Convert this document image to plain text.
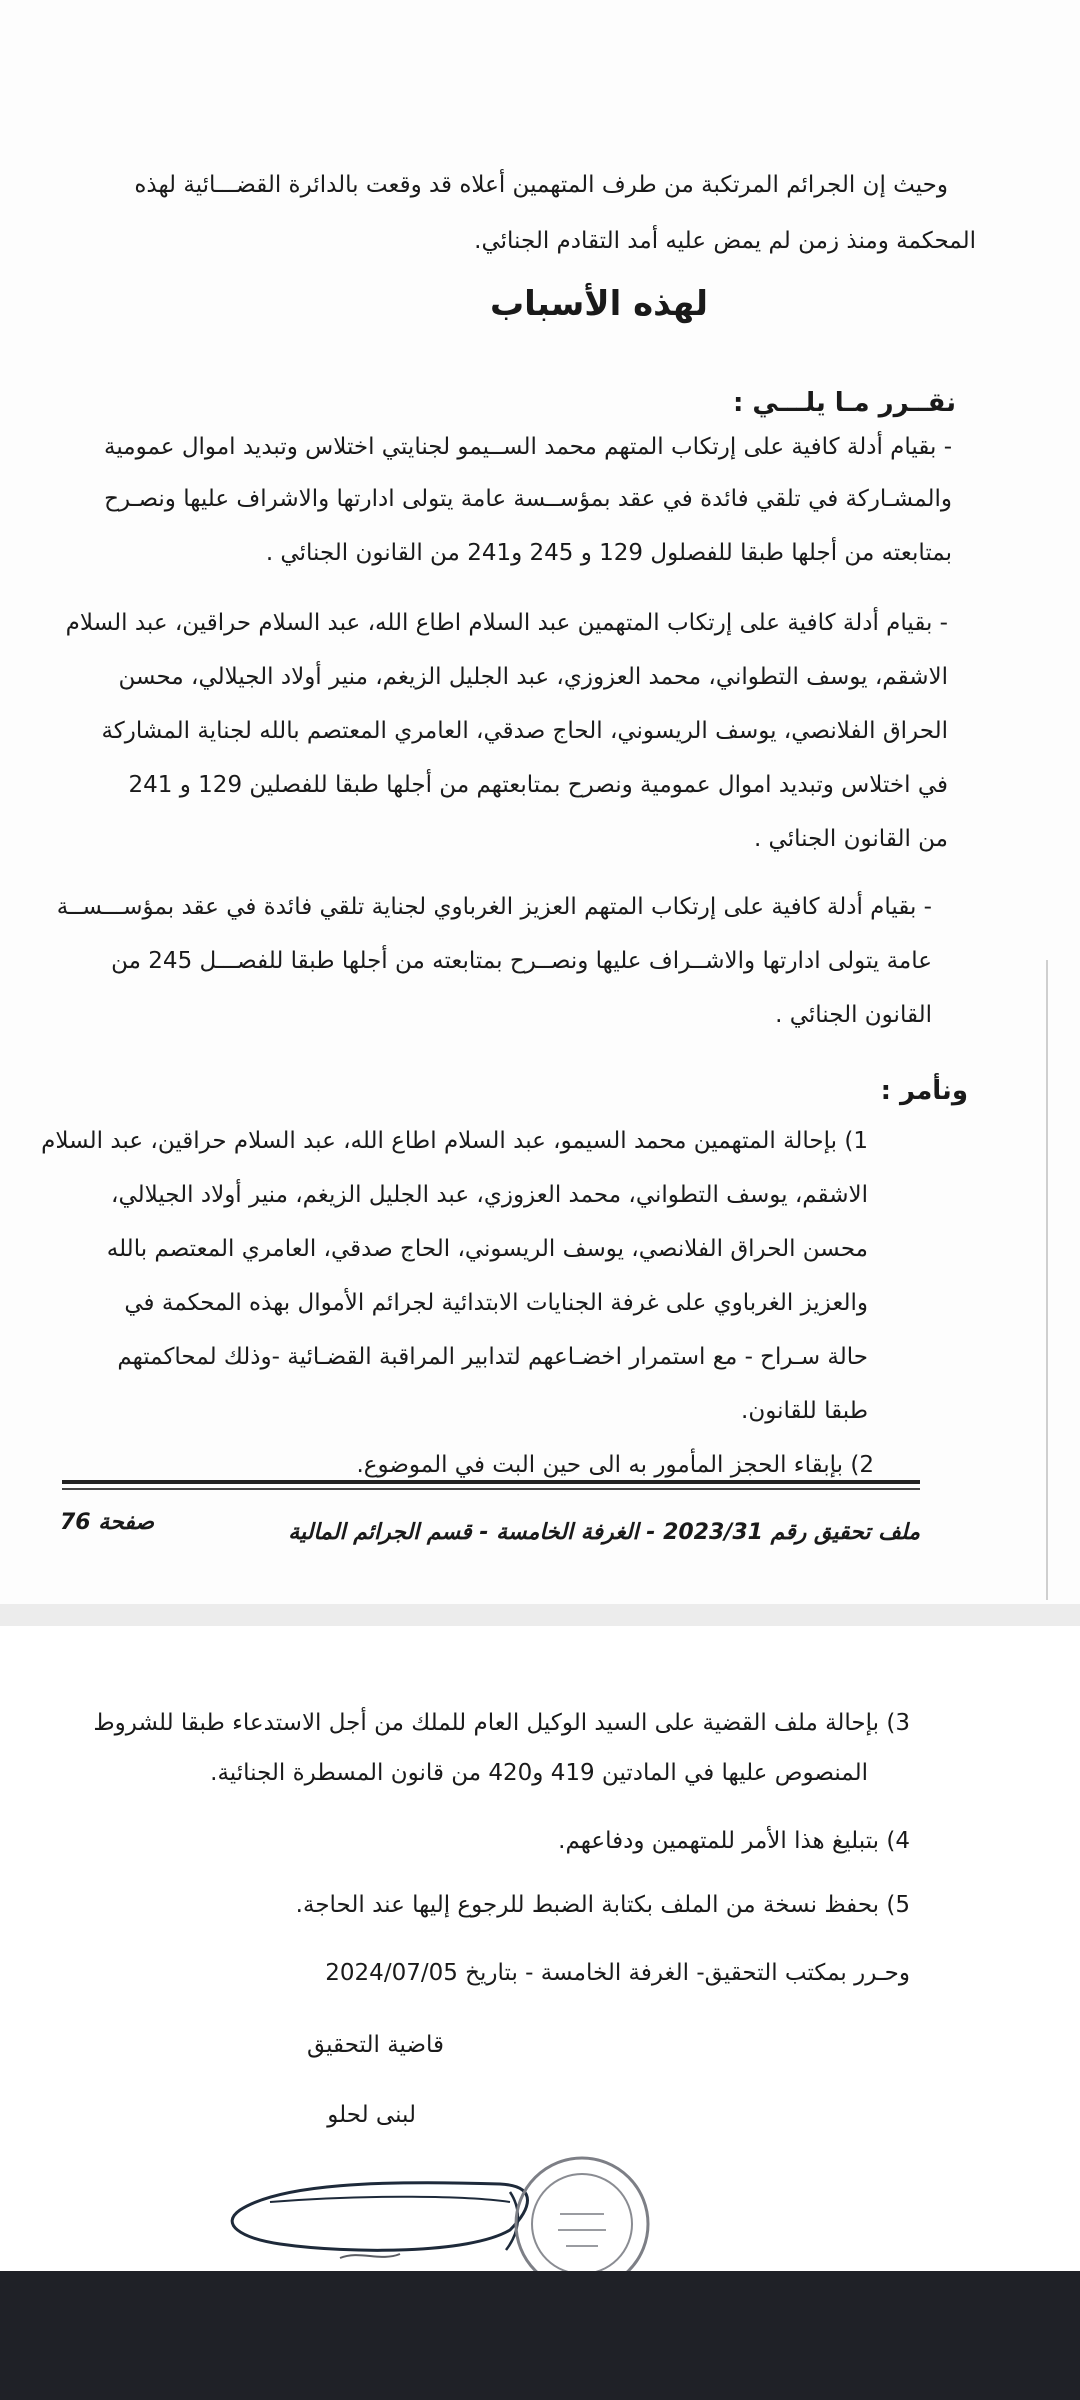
وحيث إن الجرائم المرتكبة من طرف المتهمين أعلاه قد وقعت بالدائرة القضـــائية لهذه
المحكمة ومنذ زمن لم يمض عليه أمد التقادم الجنائي.
لهذه الأسباب
نقــرر مـا يلـــي :
- بقيام أدلة كافية على إرتكاب المتهم محمد الســيمو لجنايتي اختلاس وتبديد اموال عمومية
والمشـاركة في تلقي فائدة في عقد بمؤســسة عامة يتولى ادارتها والاشراف عليها ونصـرح
بمتابعته من أجلها طبقا للفصلول 129 و 245 و241 من القانون الجنائي .
- بقيام أدلة كافية على إرتكاب المتهمين عبد السلام اطاع الله، عبد السلام حراقين، عبد السلام
الاشقم، يوسف التطواني، محمد العزوزي، عبد الجليل الزيغم، منير أولاد الجيلالي، محسن
الحراق الفلانصي، يوسف الريسوني، الحاج صدقي، العامري المعتصم بالله لجناية المشاركة
في اختلاس وتبديد اموال عمومية ونصرح بمتابعتهم من أجلها طبقا للفصلين 129 و 241
من القانون الجنائي .
- بقيام أدلة كافية على إرتكاب المتهم العزيز الغرباوي لجناية تلقي فائدة في عقد بمؤســـســة
عامة يتولى ادارتها والاشــراف عليها ونصــرح بمتابعته من أجلها طبقا للفصـــل 245 من
القانون الجنائي .
ونأمر :
1) بإحالة المتهمين محمد السيمو، عبد السلام اطاع الله، عبد السلام حراقين، عبد السلام
الاشقم، يوسف التطواني، محمد العزوزي، عبد الجليل الزيغم، منير أولاد الجيلالي،
محسن الحراق الفلانصي، يوسف الريسوني، الحاج صدقي، العامري المعتصم بالله
والعزيز الغرباوي على غرفة الجنايات الابتدائية لجرائم الأموال بهذه المحكمة في
حالة سـراح - مع استمرار اخضـاعهم لتدابير المراقبة القضـائية -وذلك لمحاكمتهم
طبقا للقانون.
2) بإبقاء الحجز المأمور به الى حين البت في الموضوع.
صفحة 76	ملف تحقيق رقم 2023/31 - الغرفة الخامسة - قسم الجرائم المالية
3) بإحالة ملف القضية على السيد الوكيل العام للملك من أجل الاستدعاء طبقا للشروط
المنصوص عليها في المادتين 419 و420 من قانون المسطرة الجنائية.
4) بتبليغ هذا الأمر للمتهمين ودفاعهم.
5) بحفظ نسخة من الملف بكتابة الضبط للرجوع إليها عند الحاجة.
وحـرر بمكتب التحقيق- الغرفة الخامسة - بتاريخ 2024/07/05
قاضية التحقيق
لبنى لحلو
